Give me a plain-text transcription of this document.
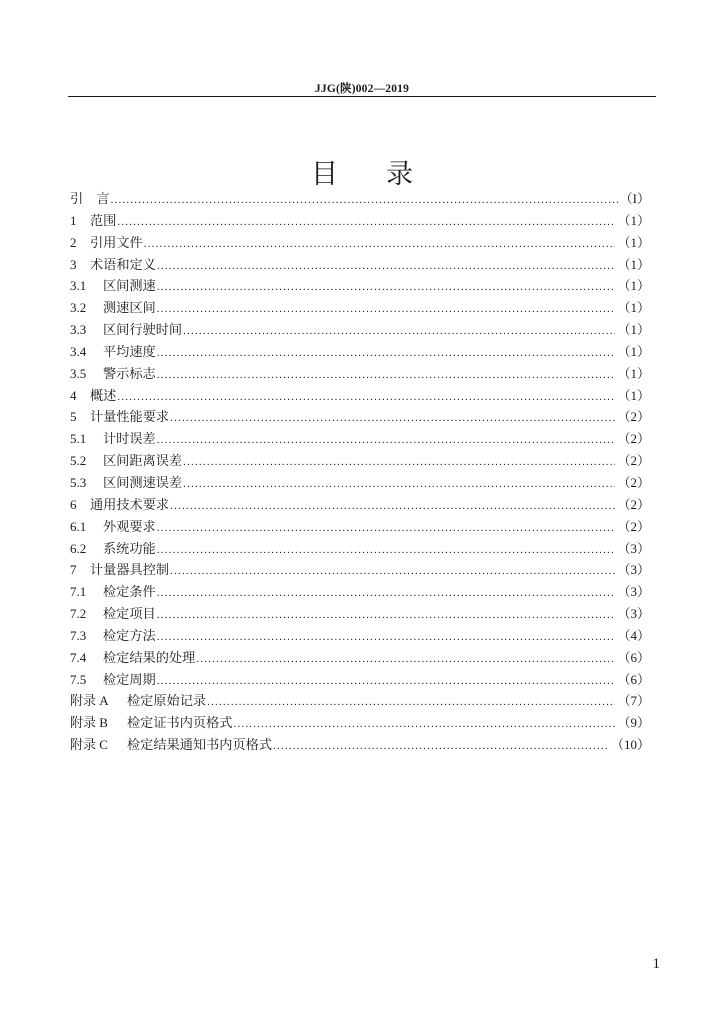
JJG(陕)002—2019
目录
引　言 .....	（I）
1	范围 .....	（1）
2	引用文件 .....	（1）
3	术语和定义 .....	（1）
3.1	区间测速 .....	（1）
3.2	测速区间 .....	（1）
3.3	区间行驶时间 .....	（1）
3.4	平均速度 .....	（1）
3.5	警示标志 .....	（1）
4	概述 .....	（1）
5	计量性能要求 .....	（2）
5.1	计时误差 .....	（2）
5.2	区间距离误差 .....	（2）
5.3	区间测速误差 .....	（2）
6	通用技术要求 .....	（2）
6.1	外观要求 .....	（2）
6.2	系统功能 .....	（3）
7	计量器具控制 .....	（3）
7.1	检定条件 .....	（3）
7.2	检定项目 .....	（3）
7.3	检定方法 .....	（4）
7.4	检定结果的处理 .....	（6）
7.5	检定周期 .....	（6）
附录 A	检定原始记录 .....	（7）
附录 B	检定证书内页格式 .....	（9）
附录 C	检定结果通知书内页格式 .....	（10）
1
